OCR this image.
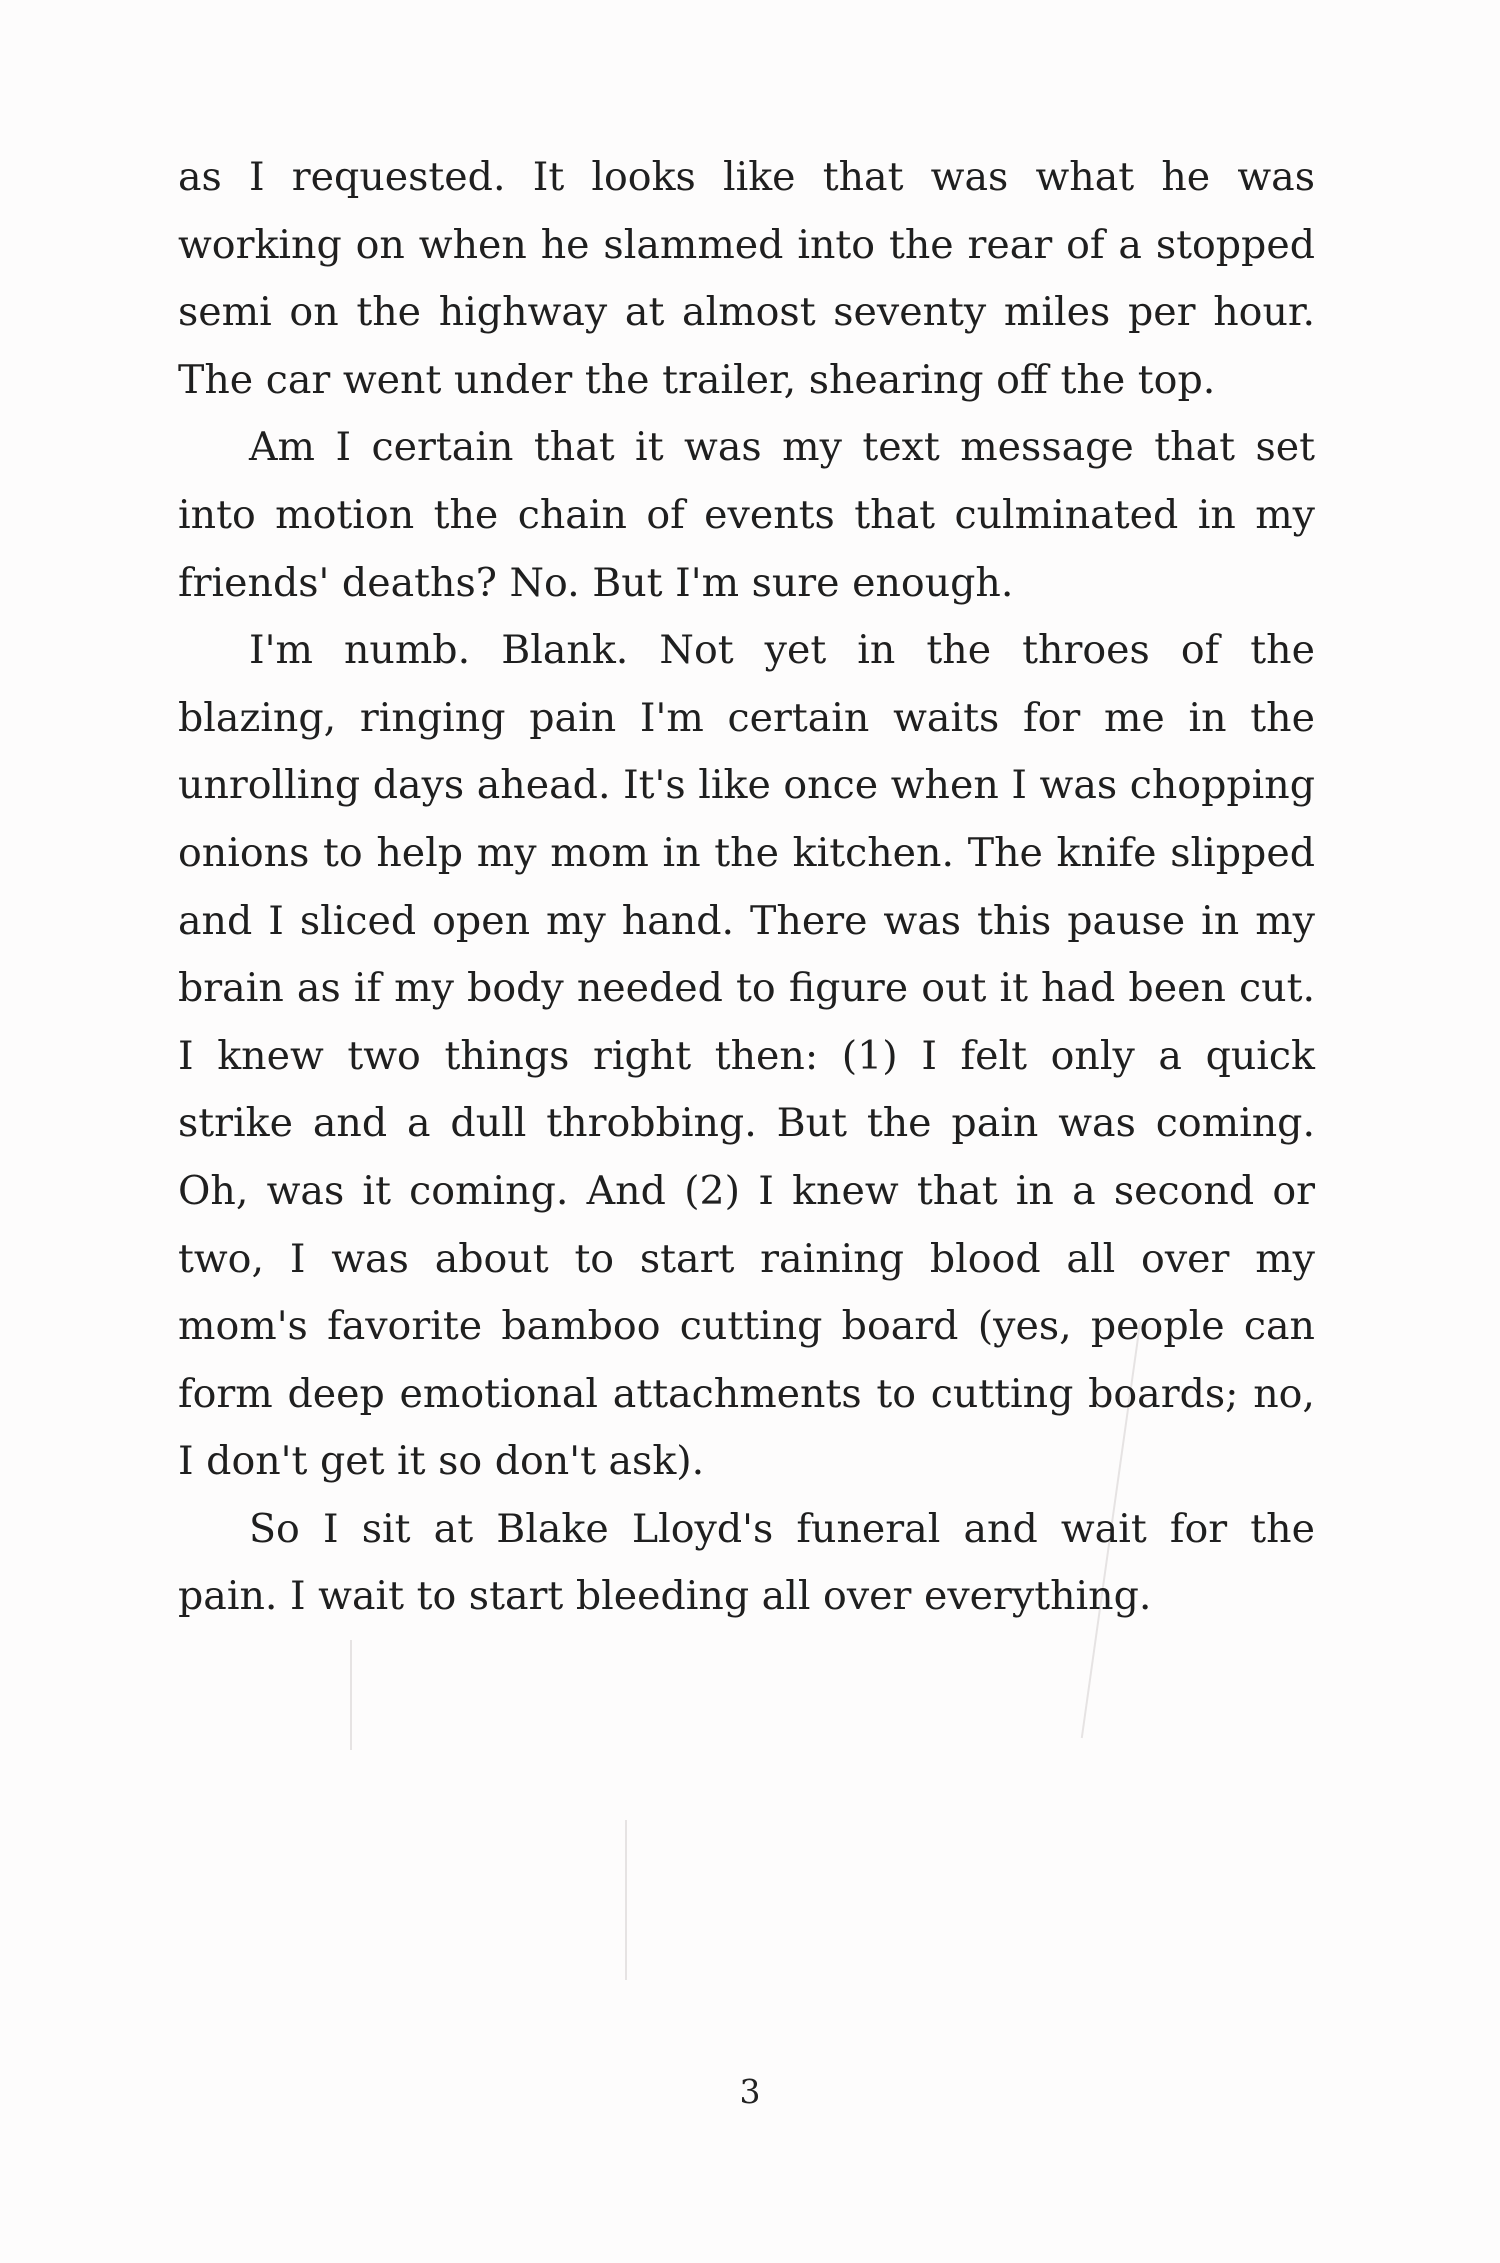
as I requested. It looks like that was what he was working on when he slammed into the rear of a stopped semi on the highway at almost seventy miles per hour. The car went under the trailer, shearing off the top.

Am I certain that it was my text message that set into motion the chain of events that culminated in my friends' deaths? No. But I'm sure enough.

I'm numb. Blank. Not yet in the throes of the blazing, ringing pain I'm certain waits for me in the unrolling days ahead. It's like once when I was chopping onions to help my mom in the kitchen. The knife slipped and I sliced open my hand. There was this pause in my brain as if my body needed to figure out it had been cut. I knew two things right then: (1) I felt only a quick strike and a dull throbbing. But the pain was coming. Oh, was it coming. And (2) I knew that in a second or two, I was about to start raining blood all over my mom's favorite bamboo cutting board (yes, people can form deep emotional attachments to cutting boards; no, I don't get it so don't ask).

So I sit at Blake Lloyd's funeral and wait for the pain. I wait to start bleeding all over everything.

3
